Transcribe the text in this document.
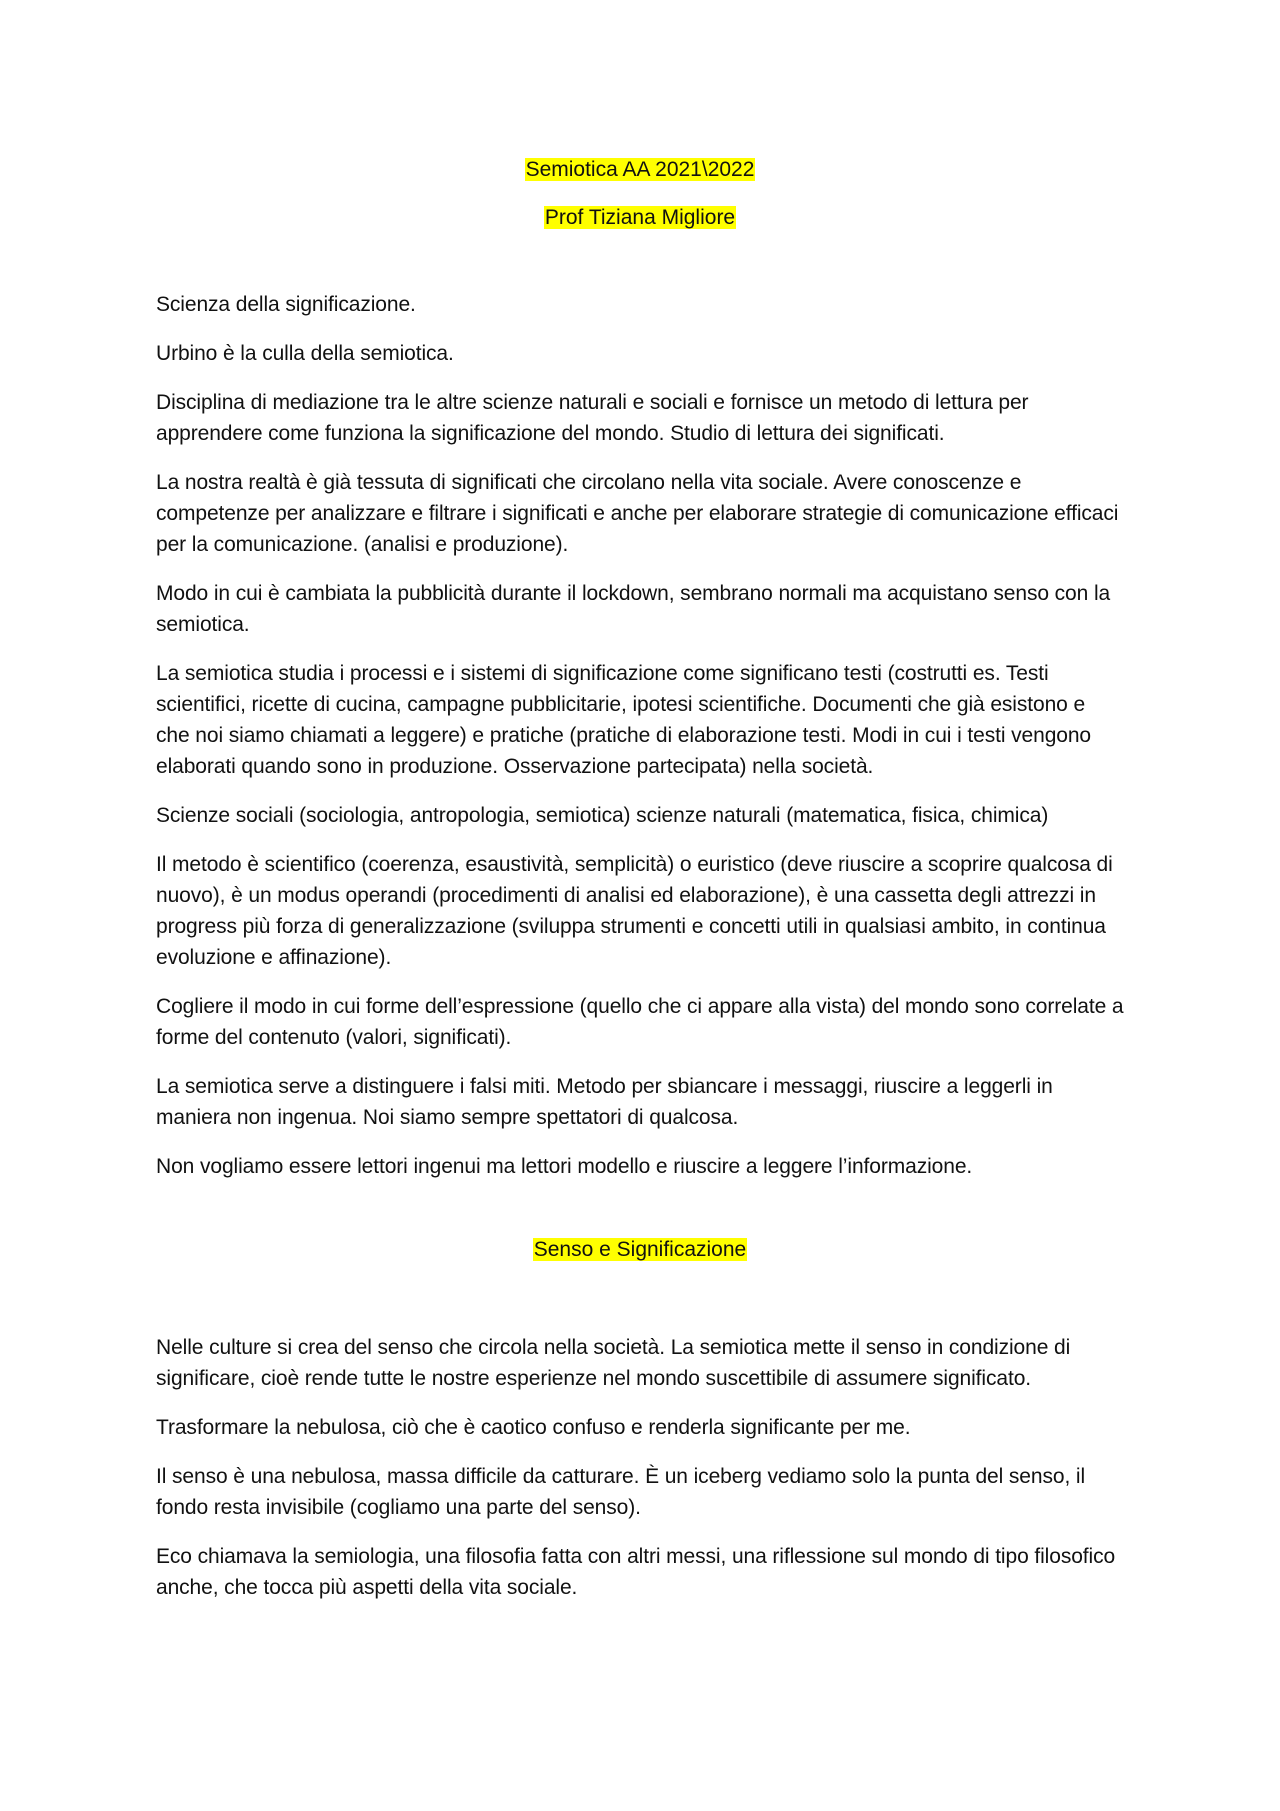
Semiotica AA 2021\2022

Prof Tiziana Migliore

Scienza della significazione.

Urbino è la culla della semiotica.

Disciplina di mediazione tra le altre scienze naturali e sociali e fornisce un metodo di lettura per apprendere come funziona la significazione del mondo. Studio di lettura dei significati.

La nostra realtà è già tessuta di significati che circolano nella vita sociale. Avere conoscenze e competenze per analizzare e filtrare i significati e anche per elaborare strategie di comunicazione efficaci per la comunicazione. (analisi e produzione).

Modo in cui è cambiata la pubblicità durante il lockdown, sembrano normali ma acquistano senso con la semiotica.

La semiotica studia i processi e i sistemi di significazione come significano testi (costrutti es. Testi scientifici, ricette di cucina, campagne pubblicitarie, ipotesi scientifiche. Documenti che già esistono e che noi siamo chiamati a leggere) e pratiche (pratiche di elaborazione testi. Modi in cui i testi vengono elaborati quando sono in produzione. Osservazione partecipata) nella società.

Scienze sociali (sociologia, antropologia, semiotica) scienze naturali (matematica, fisica, chimica)

Il metodo è scientifico (coerenza, esaustività, semplicità) o euristico (deve riuscire a scoprire qualcosa di nuovo), è un modus operandi (procedimenti di analisi ed elaborazione), è una cassetta degli attrezzi in progress più forza di generalizzazione (sviluppa strumenti e concetti utili in qualsiasi ambito, in continua evoluzione e affinazione).

Cogliere il modo in cui forme dell’espressione (quello che ci appare alla vista) del mondo sono correlate a forme del contenuto (valori, significati).

La semiotica serve a distinguere i falsi miti. Metodo per sbiancare i messaggi, riuscire a leggerli in maniera non ingenua. Noi siamo sempre spettatori di qualcosa.

Non vogliamo essere lettori ingenui ma lettori modello e riuscire a leggere l’informazione.

Senso e Significazione

Nelle culture si crea del senso che circola nella società. La semiotica mette il senso in condizione di significare, cioè rende tutte le nostre esperienze nel mondo suscettibile di assumere significato.

Trasformare la nebulosa, ciò che è caotico confuso e renderla significante per me.

Il senso è una nebulosa, massa difficile da catturare. È un iceberg vediamo solo la punta del senso, il fondo resta invisibile (cogliamo una parte del senso).

Eco chiamava la semiologia, una filosofia fatta con altri messi, una riflessione sul mondo di tipo filosofico anche, che tocca più aspetti della vita sociale.
